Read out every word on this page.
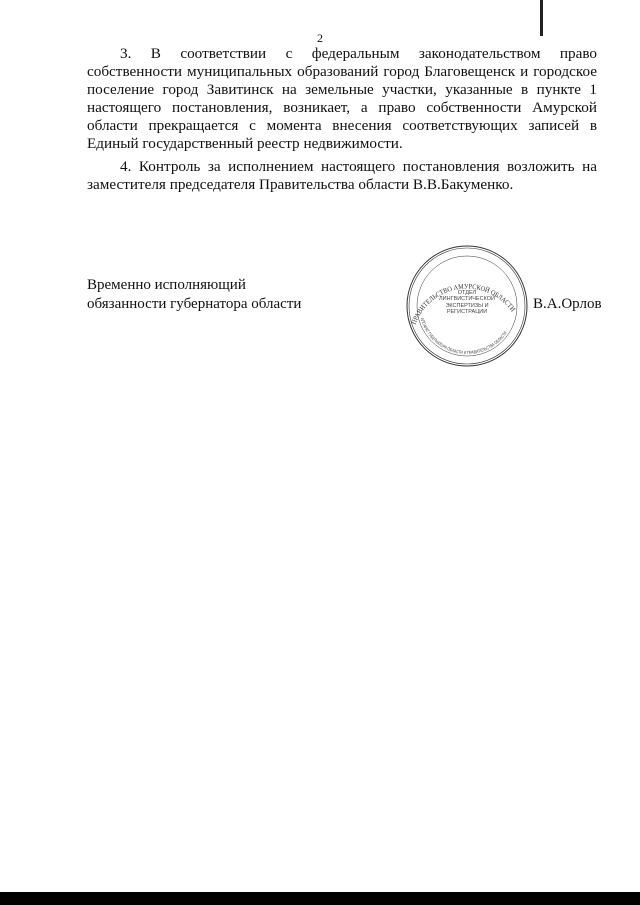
2
3. В соответствии с федеральным законодательством право
собственности муниципальных образований город Благовещенск и городское
поселение город Завитинск на земельные участки, указанные в пункте 1
настоящего постановления, возникает, а право собственности Амурской
области прекращается с момента внесения соответствующих записей в
Единый государственный реестр недвижимости.
4. Контроль за исполнением настоящего постановления возложить на
заместителя председателя Правительства области В.В.Бакуменко.
Временно исполняющий
обязанности губернатора области
ПРАВИТЕЛЬСТВО АМУРСКОЙ ОБЛАСТИ
АППАРАТ ГУБЕРНАТОРА ОБЛАСТИ И ПРАВИТЕЛЬСТВА ОБЛАСТИ
ОТДЕЛ ЛИНГВИСТИЧЕСКОЙ ЭКСПЕРТИЗЫ И РЕГИСТРАЦИИ	В.А.Орлов
